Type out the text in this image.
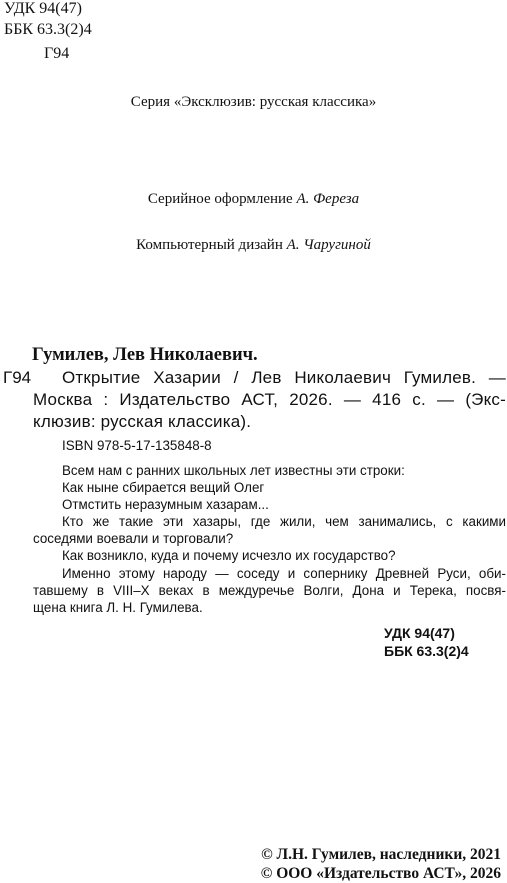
УДК 94(47)
ББК 63.3(2)4
Г94
Серия «Эксклюзив: русская классика»
Серийное оформление А. Фереза
Компьютерный дизайн А. Чаругиной
Гумилев, Лев Николаевич.
Г94 Открытие Хазарии / Лев Николаевич Гумилев. —
Москва : Издательство АСТ, 2026. — 416 с. — (Экс-
клюзив: русская классика).
ISBN 978-5-17-135848-8
Всем нам с ранних школьных лет известны эти строки:
Как ныне сбирается вещий Олег
Отмстить неразумным хазарам...
Кто же такие эти хазары, где жили, чем занимались, с какими
соседями воевали и торговали?
Как возникло, куда и почему исчезло их государство?
Именно этому народу — соседу и сопернику Древней Руси, оби-
тавшему в VIII–X веках в междуречье Волги, Дона и Терека, посвя-
щена книга Л. Н. Гумилева.
УДК 94(47)
ББК 63.3(2)4
© Л.Н. Гумилев, наследники, 2021
© ООО «Издательство АСТ», 2026
